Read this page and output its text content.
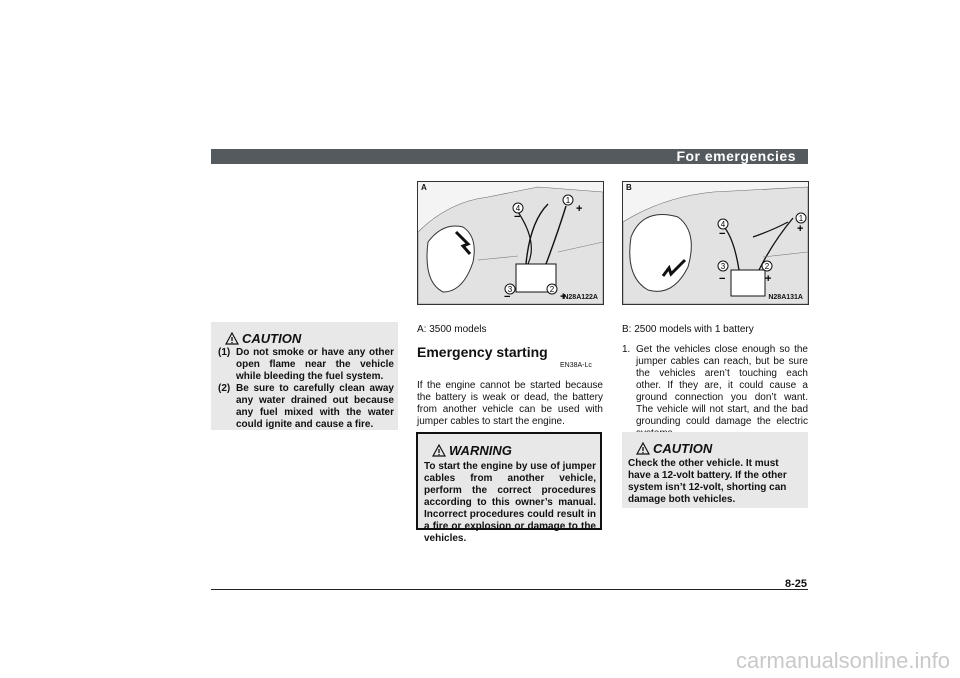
For emergencies
1
2
3
4	+
+
−
−
A
N28A122A
1
2
3
4	+
+
−
−
B
N28A131A
CAUTION
(1) Do not smoke or have any other open flame near the vehicle while bleeding the fuel system.
(2) Be sure to carefully clean away any water drained out because any fuel mixed with the water could ignite and cause a fire.
A: 3500 models
Emergency starting
EN38A-Lc
If the engine cannot be started because the battery is weak or dead, the battery from another vehicle can be used with jumper cables to start the engine.
WARNING
To start the engine by use of jumper cables from another vehicle, perform the correct procedures according to this owner’s manual. Incorrect procedures could result in a fire or explosion or damage to the vehicles.
B: 2500 models with 1 battery
1. Get the vehicles close enough so the jumper cables can reach, but be sure the vehicles aren’t touching each other. If they are, it could cause a ground connection you don’t want. The vehicle will not start, and the bad grounding could damage the electric
CAUTION
Check the other vehicle. It must have a 12-volt battery. If the other system isn’t 12-volt, shorting can damage both vehicles.
8-25
carmanualsonline.info
